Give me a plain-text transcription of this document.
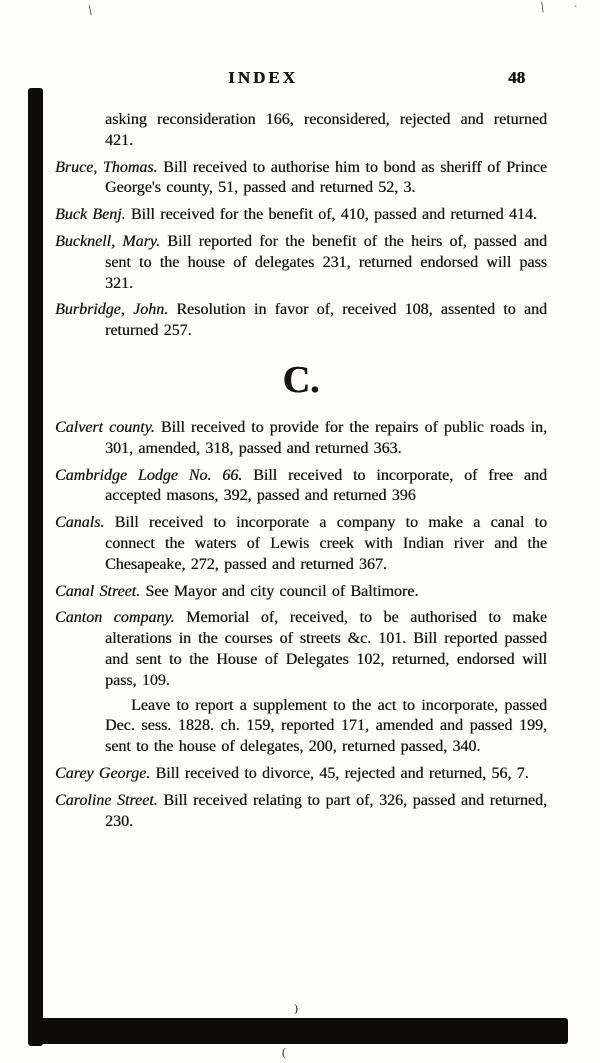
\	\	`
)
(
INDEX	48

asking reconsideration 166, reconsidered, rejected and returned 421.

Bruce, Thomas. Bill received to authorise him to bond as sheriff of Prince George's county, 51, passed and returned 52, 3.

Buck Benj. Bill received for the benefit of, 410, passed and returned 414.

Bucknell, Mary. Bill reported for the benefit of the heirs of, passed and sent to the house of delegates 231, returned endorsed will pass 321.

Burbridge, John. Resolution in favor of, received 108, assented to and returned 257.

C.

Calvert county. Bill received to provide for the repairs of public roads in, 301, amended, 318, passed and returned 363.

Cambridge Lodge No. 66. Bill received to incorporate, of free and accepted masons, 392, passed and returned 396

Canals. Bill received to incorporate a company to make a canal to connect the waters of Lewis creek with Indian river and the Chesapeake, 272, passed and returned 367.

Canal Street. See Mayor and city council of Baltimore.

Canton company. Memorial of, received, to be authorised to make alterations in the courses of streets &c. 101. Bill reported passed and sent to the House of Delegates 102, returned, endorsed will pass, 109.

Leave to report a supplement to the act to incorporate, passed Dec. sess. 1828. ch. 159, reported 171, amended and passed 199, sent to the house of delegates, 200, returned passed, 340.

Carey George. Bill received to divorce, 45, rejected and returned, 56, 7.

Caroline Street. Bill received relating to part of, 326, passed and returned, 230.
